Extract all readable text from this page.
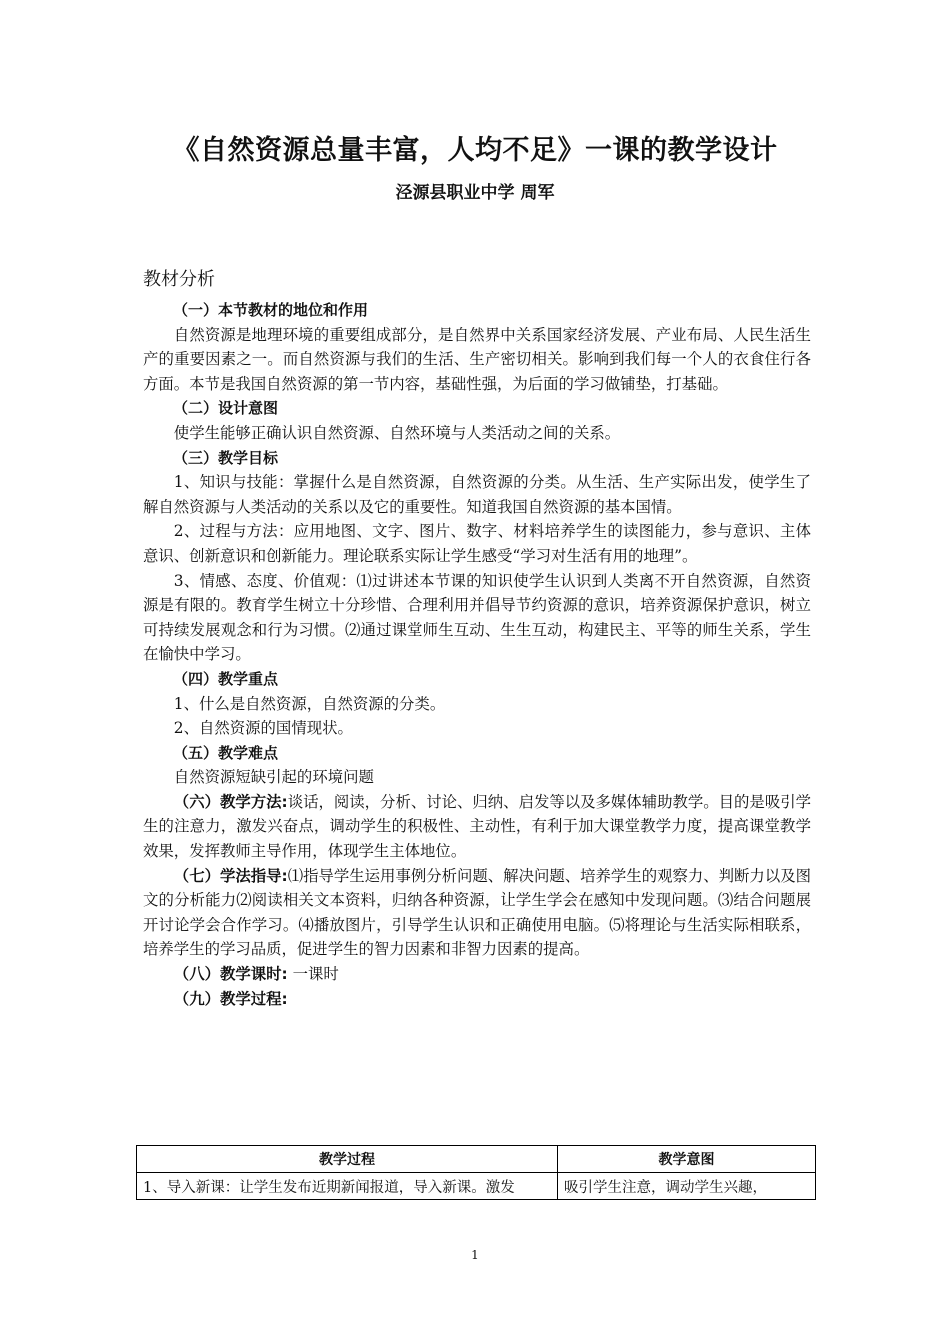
《自然资源总量丰富，人均不足》一课的教学设计
泾源县职业中学 周军
教材分析

（一）本节教材的地位和作用

自然资源是地理环境的重要组成部分，是自然界中关系国家经济发展、产业布局、人民生活生产的重要因素之一。而自然资源与我们的生活、生产密切相关。影响到我们每一个人的衣食住行各方面。本节是我国自然资源的第一节内容，基础性强，为后面的学习做铺垫，打基础。

（二）设计意图

使学生能够正确认识自然资源、自然环境与人类活动之间的关系。

（三）教学目标

1、知识与技能：掌握什么是自然资源，自然资源的分类。从生活、生产实际出发，使学生了解自然资源与人类活动的关系以及它的重要性。知道我国自然资源的基本国情。

2、过程与方法：应用地图、文字、图片、数字、材料培养学生的读图能力，参与意识、主体意识、创新意识和创新能力。理论联系实际让学生感受“学习对生活有用的地理”。

3、情感、态度、价值观：⑴过讲述本节课的知识使学生认识到人类离不开自然资源，自然资源是有限的。教育学生树立十分珍惜、合理利用并倡导节约资源的意识，培养资源保护意识，树立可持续发展观念和行为习惯。⑵通过课堂师生互动、生生互动，构建民主、平等的师生关系，学生在愉快中学习。

（四）教学重点

1、什么是自然资源，自然资源的分类。

2、自然资源的国情现状。

（五）教学难点

自然资源短缺引起的环境问题

（六）教学方法:谈话，阅读，分析、讨论、归纳、启发等以及多媒体辅助教学。目的是吸引学生的注意力，激发兴奋点，调动学生的积极性、主动性，有利于加大课堂教学力度，提高课堂教学效果，发挥教师主导作用，体现学生主体地位。

（七）学法指导:⑴指导学生运用事例分析问题、解决问题、培养学生的观察力、判断力以及图文的分析能力⑵阅读相关文本资料，归纳各种资源，让学生学会在感知中发现问题。⑶结合问题展开讨论学会合作学习。⑷播放图片，引导学生认识和正确使用电脑。⑸将理论与生活实际相联系，培养学生的学习品质，促进学生的智力因素和非智力因素的提高。

（八）教学课时: 一课时

（九）教学过程:

教学过程	教学意图
1、导入新课：让学生发布近期新闻报道，导入新课。激发	吸引学生注意，调动学生兴趣，
1
